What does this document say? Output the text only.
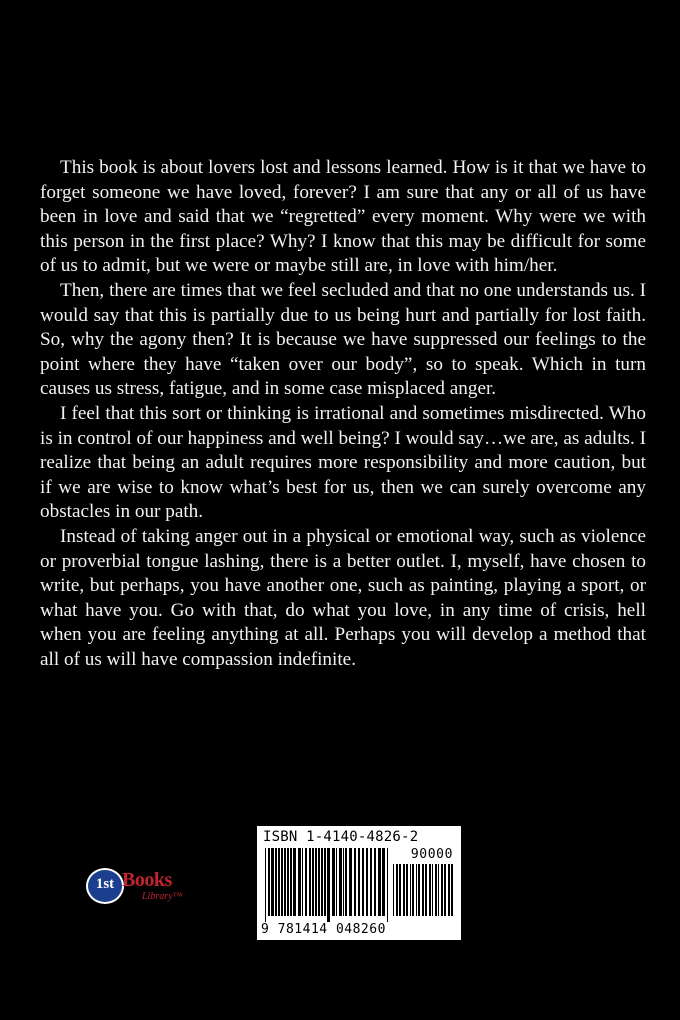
This book is about lovers lost and lessons learned. How is it that we have to forget someone we have loved, forever? I am sure that any or all of us have been in love and said that we “regretted” every moment. Why were we with this person in the first place? Why? I know that this may be difficult for some of us to admit, but we were or maybe still are, in love with him/her.

Then, there are times that we feel secluded and that no one understands us. I would say that this is partially due to us being hurt and partially for lost faith. So, why the agony then? It is because we have suppressed our feelings to the point where they have “taken over our body”, so to speak. Which in turn causes us stress, fatigue, and in some case misplaced anger.

I feel that this sort or thinking is irrational and sometimes misdirected. Who is in control of our happiness and well being? I would say…we are, as adults. I realize that being an adult requires more responsibility and more caution, but if we are wise to know what’s best for us, then we can surely overcome any obstacles in our path.

Instead of taking anger out in a physical or emotional way, such as violence or proverbial tongue lashing, there is a better outlet. I, myself, have chosen to write, but perhaps, you have another one, such as painting, playing a sport, or what have you. Go with that, do what you love, in any time of crisis, hell when you are feeling anything at all. Perhaps you will develop a method that all of us will have compassion indefinite.

1st Books
Library™
ISBN 1-4140-4826-2
90000
9 781414 048260
